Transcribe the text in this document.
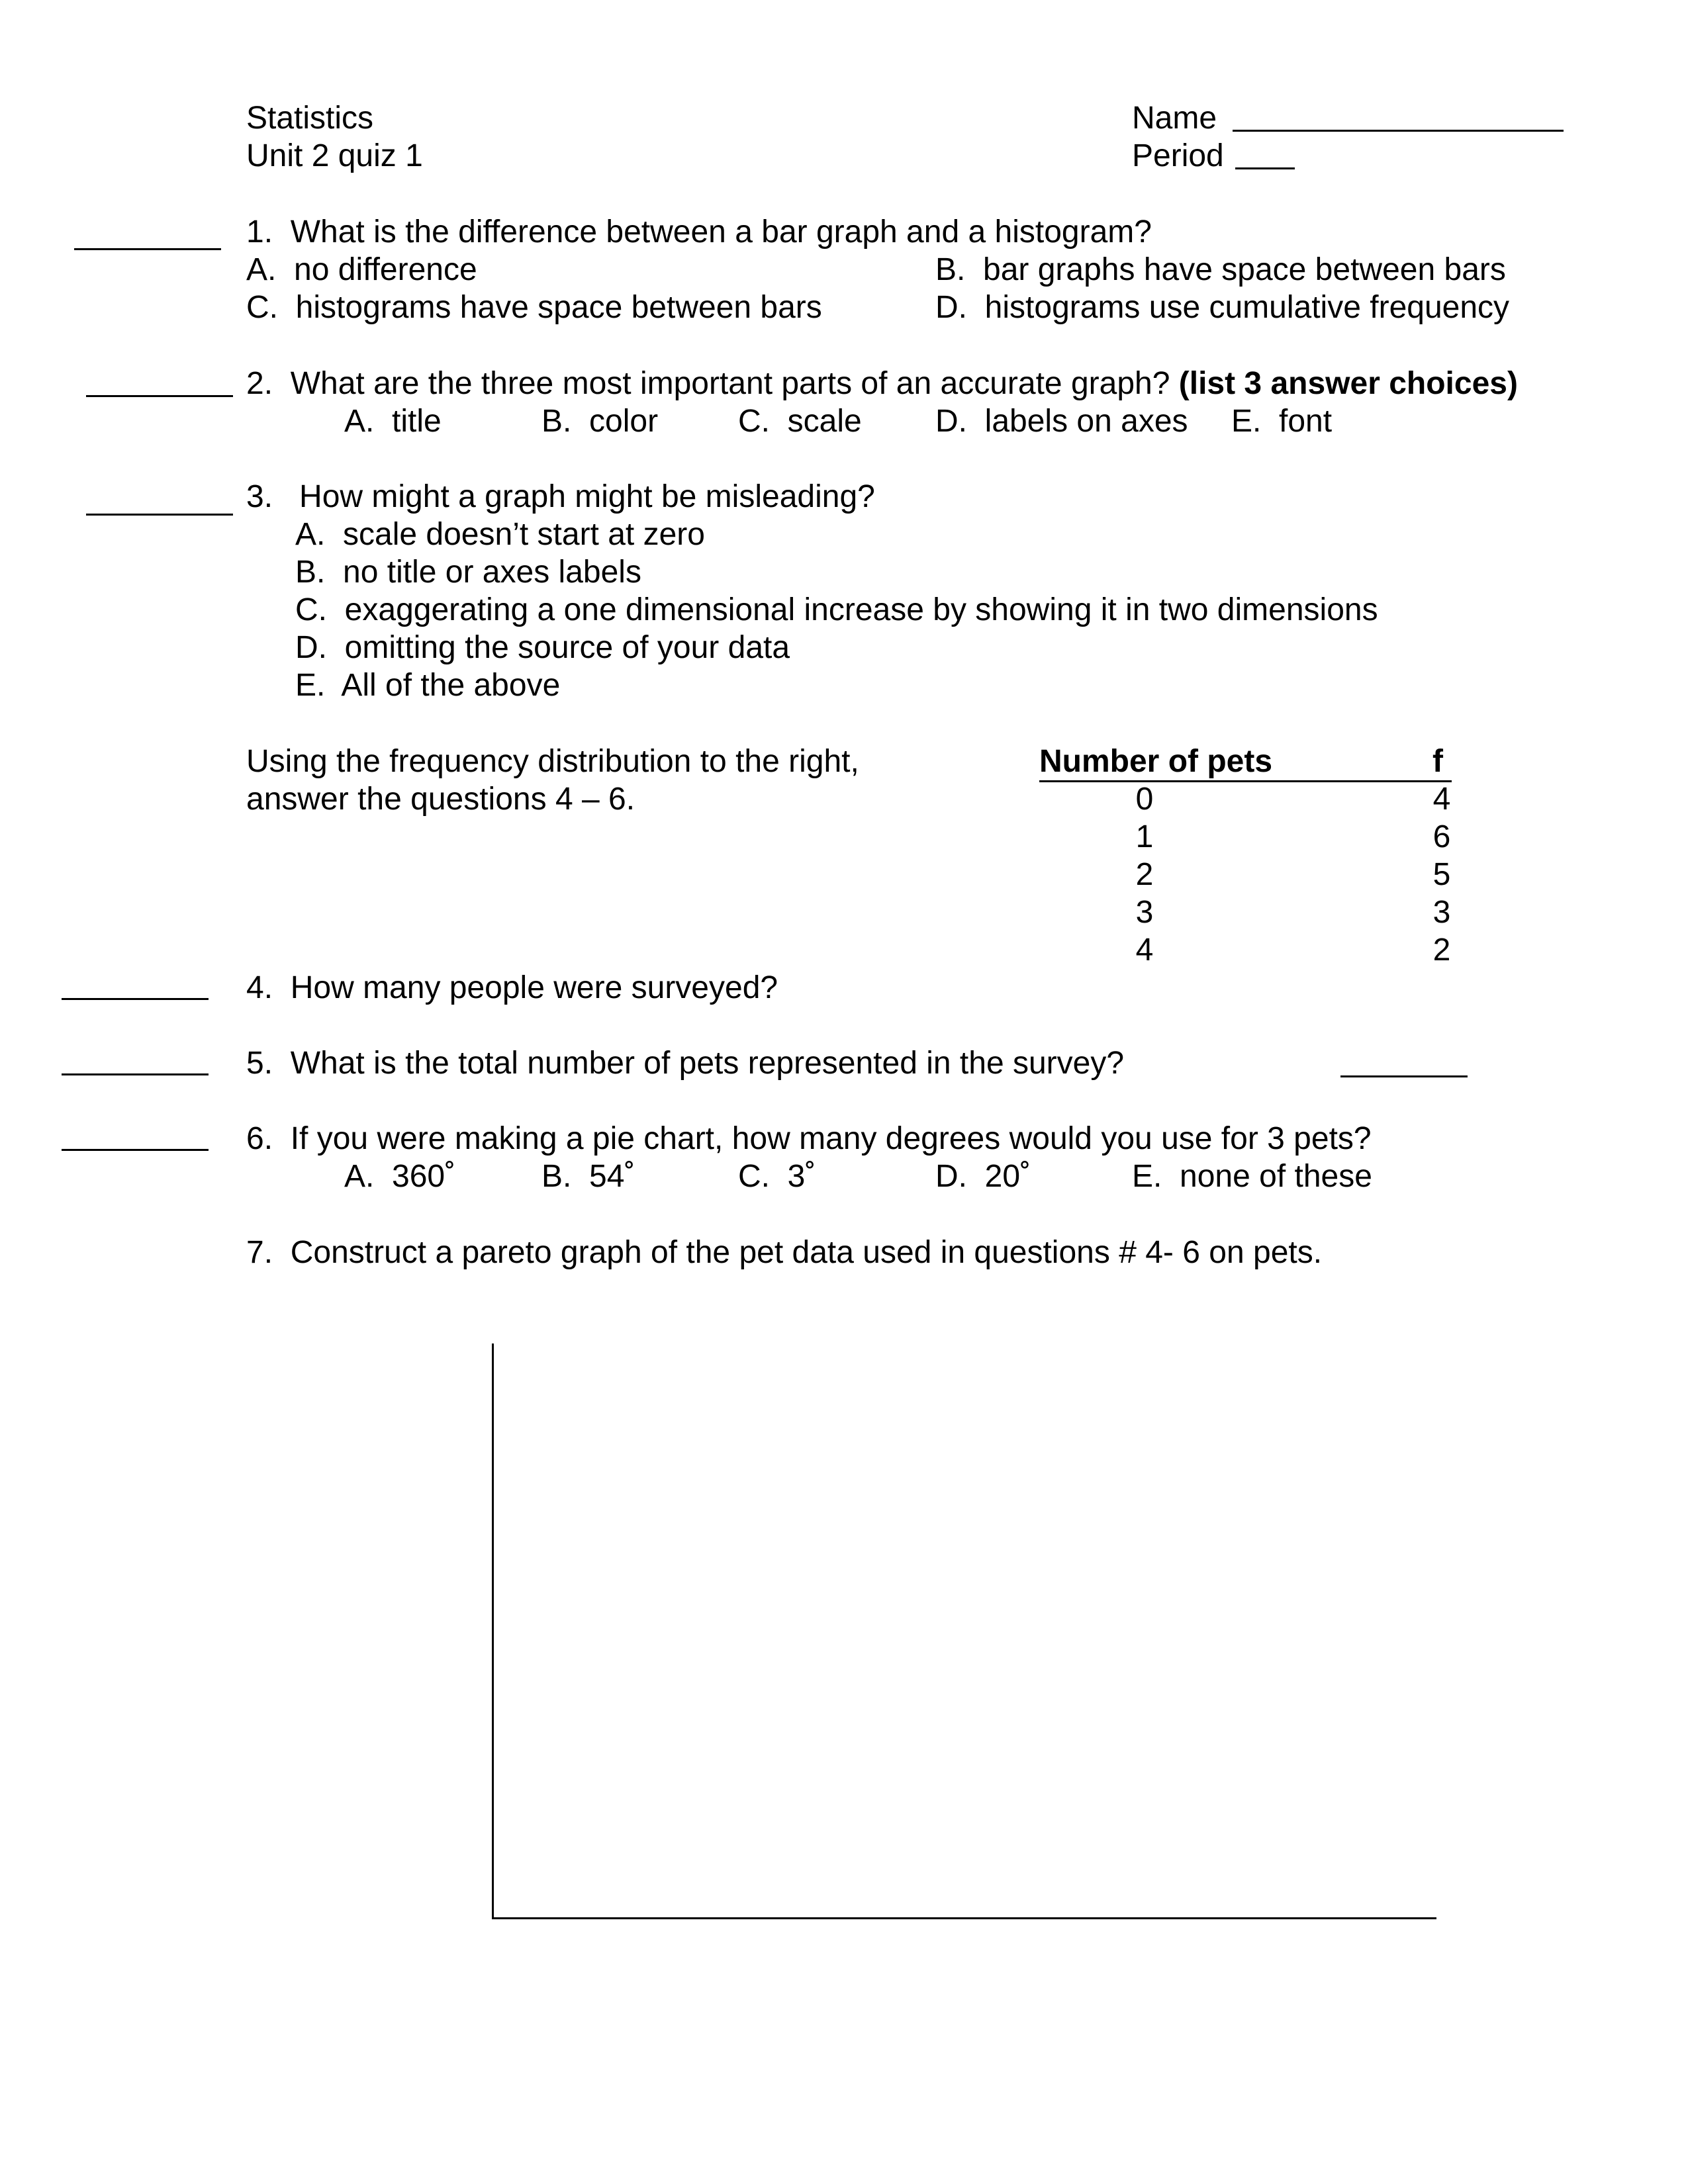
Statistics
Unit 2 quiz 1
Name
Period
1.  What is the difference between a bar graph and a histogram?
A.  no difference	B.  bar graphs have space between bars
C.  histograms have space between bars	D.  histograms use cumulative frequency
2.  What are the three most important parts of an accurate graph? (list 3 answer choices)
A.  title	B.  color	C.  scale D.  labels on axes E.  font
3.   How might a graph might be misleading?
A.  scale doesn’t start at zero
B.  no title or axes labels
C.  exaggerating a one dimensional increase by showing it in two dimensions
D.  omitting the source of your data
E.  All of the above
Using the frequency distribution to the right,
answer the questions 4 – 6.
Number of pets	f
0	4
1	6
2	5
3	3
4	2
4.  How many people were surveyed?
5.  What is the total number of pets represented in the survey?
6.  If you were making a pie chart, how many degrees would you use for 3 pets?
A.  360˚	B.  54˚	C.  3˚	D.  20˚	E.  none of these
7.  Construct a pareto graph of the pet data used in questions # 4- 6 on pets.
